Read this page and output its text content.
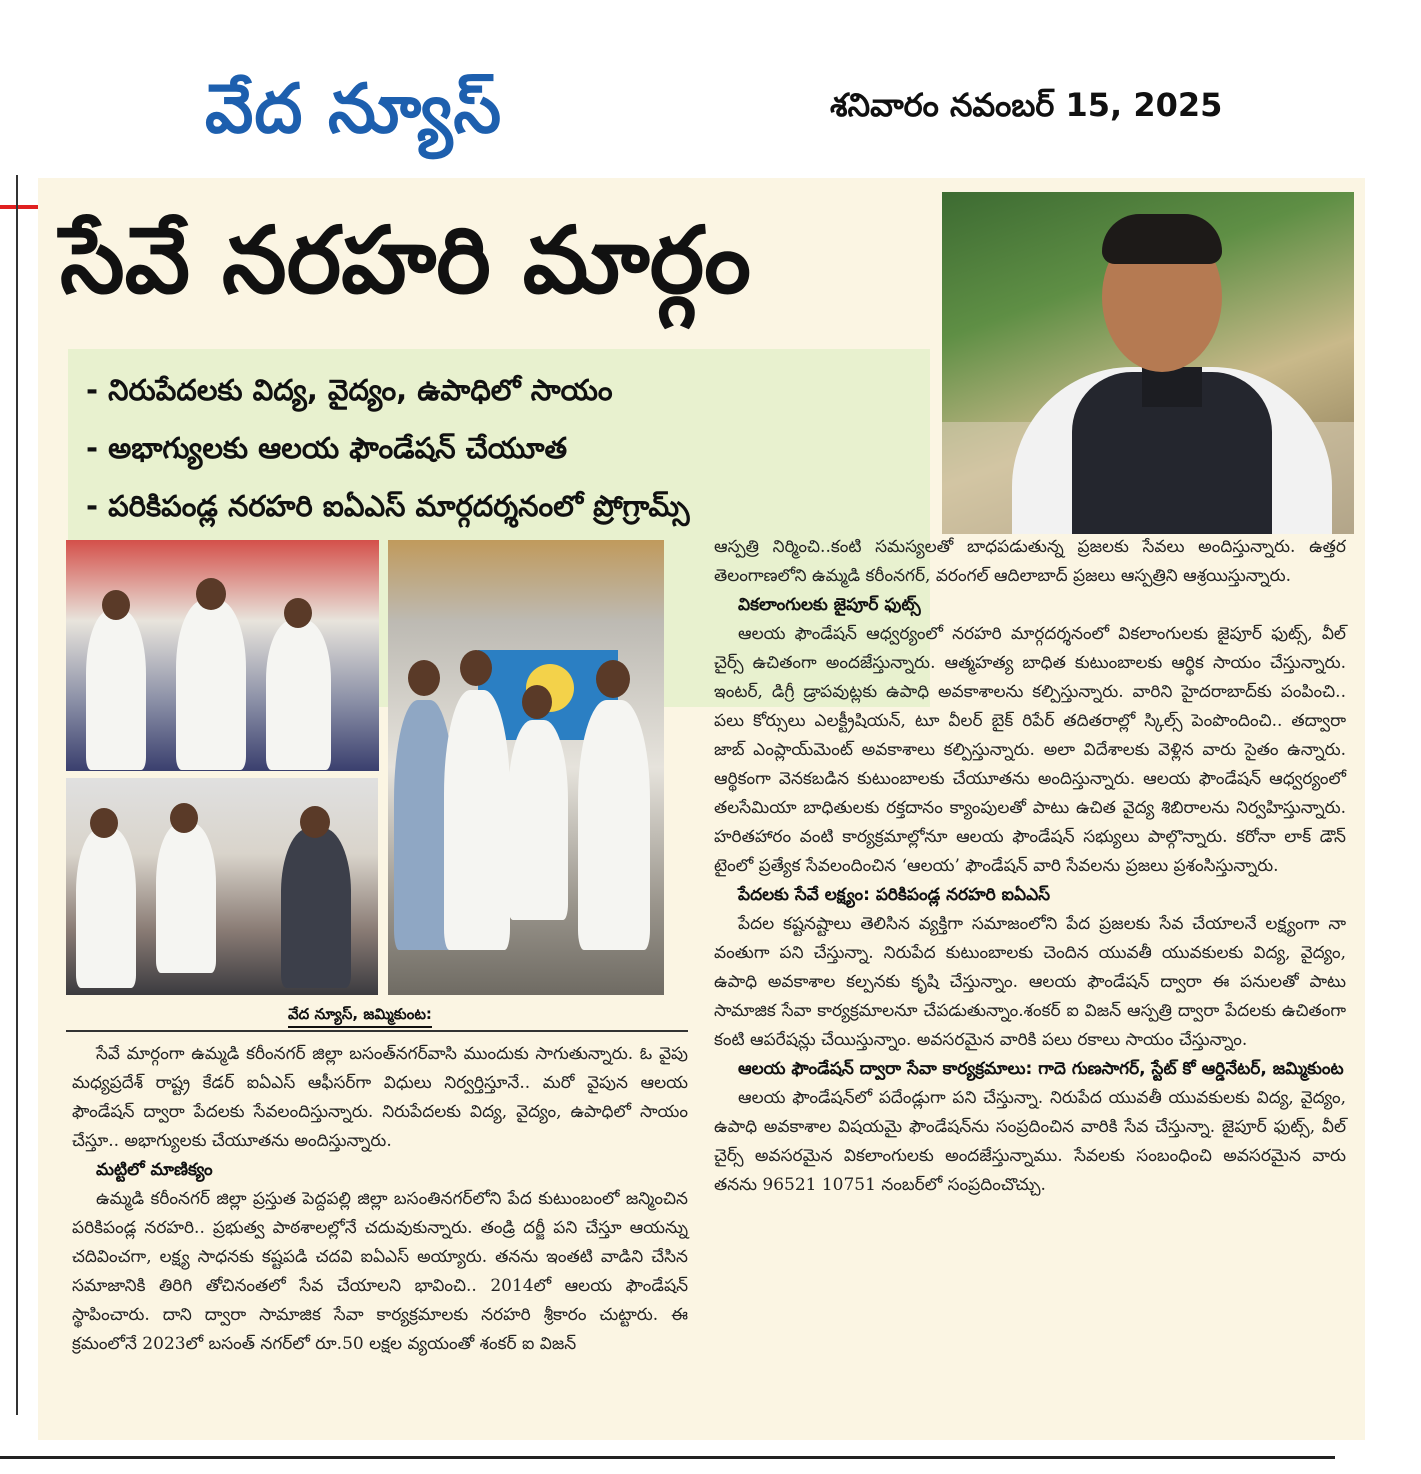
వేద న్యూస్	శనివారం నవంబర్ 15, 2025
సేవే నరహరి మార్గం
- నిరుపేదలకు విద్య, వైద్యం, ఉపాధిలో సాయం
- అభాగ్యులకు ఆలయ ఫౌండేషన్ చేయూత
- పరికిపండ్ల నరహరి ఐఏఎస్ మార్గదర్శనంలో ప్రోగ్రామ్స్
వేద న్యూస్, జమ్మికుంట:

సేవే మార్గంగా ఉమ్మడి కరీంనగర్ జిల్లా బసంత్‌నగర్‌వాసి ముందుకు సాగుతున్నారు. ఓ వైపు మధ్యప్రదేశ్ రాష్ట్ర కేడర్ ఐఏఎస్ ఆఫీసర్‌గా విధులు నిర్వర్తిస్తూనే.. మరో వైపున ఆలయ ఫౌండేషన్ ద్వారా పేదలకు సేవలందిస్తున్నారు. నిరుపేదలకు విద్య, వైద్యం, ఉపాధిలో సాయం చేస్తూ.. అభాగ్యులకు చేయూతను అందిస్తున్నారు.

మట్టిలో మాణిక్యం

ఉమ్మడి కరీంనగర్ జిల్లా ప్రస్తుత పెద్దపల్లి జిల్లా బసంతినగర్‌లోని పేద కుటుంబంలో జన్మించిన పరికిపండ్ల నరహరి.. ప్రభుత్వ పాఠశాలల్లోనే చదువుకున్నారు. తండ్రి దర్జీ పని చేస్తూ ఆయన్ను చదివించగా, లక్ష్య సాధనకు కష్టపడి చదవి ఐఏఎస్ అయ్యారు. తనను ఇంతటి వాడిని చేసిన సమాజానికి తిరిగి తోచినంతలో సేవ చేయాలని భావించి.. 2014లో ఆలయ ఫౌండేషన్ స్థాపించారు. దాని ద్వారా సామాజిక సేవా కార్యక్రమాలకు నరహరి శ్రీకారం చుట్టారు. ఈ క్రమంలోనే 2023లో బసంత్ నగర్‌లో రూ.50 లక్షల వ్యయంతో శంకర్ ఐ విజన్

ఆస్పత్రి నిర్మించి..కంటి సమస్యలతో బాధపడుతున్న ప్రజలకు సేవలు అందిస్తున్నారు. ఉత్తర తెలంగాణలోని ఉమ్మడి కరీంనగర్, వరంగల్ ఆదిలాబాద్ ప్రజలు ఆస్పత్రిని ఆశ్రయిస్తున్నారు.

వికలాంగులకు జైపూర్ ఫుట్స్

ఆలయ ఫౌండేషన్ ఆధ్వర్యంలో నరహరి మార్గదర్శనంలో వికలాంగులకు జైపూర్ ఫుట్స్, వీల్ చైర్స్ ఉచితంగా అందజేస్తున్నారు. ఆత్మహత్య బాధిత కుటుంబాలకు ఆర్థిక సాయం చేస్తున్నారు. ఇంటర్, డిగ్రీ డ్రాపవుట్లకు ఉపాధి అవకాశాలను కల్పిస్తున్నారు. వారిని హైదరాబాద్‌కు పంపించి.. పలు కోర్సులు ఎలక్ట్రీషియన్, టూ వీలర్ బైక్ రిపేర్ తదితరాల్లో స్కిల్స్ పెంపొందించి.. తద్వారా జాబ్ ఎంప్లాయ్‌మెంట్ అవకాశాలు కల్పిస్తున్నారు. అలా విదేశాలకు వెళ్లిన వారు సైతం ఉన్నారు. ఆర్థికంగా వెనకబడిన కుటుంబాలకు చేయూతను అందిస్తున్నారు. ఆలయ ఫౌండేషన్ ఆధ్వర్యంలో తలసేమియా బాధితులకు రక్తదానం క్యాంపులతో పాటు ఉచిత వైద్య శిబిరాలను నిర్వహిస్తున్నారు. హరితహారం వంటి కార్యక్రమాల్లోనూ ఆలయ ఫౌండేషన్ సభ్యులు పాల్గొన్నారు. కరోనా లాక్ డౌన్ టైంలో ప్రత్యేక సేవలందించిన ‘ఆలయ’ ఫౌండేషన్ వారి సేవలను ప్రజలు ప్రశంసిస్తున్నారు.

పేదలకు సేవే లక్ష్యం: పరికిపండ్ల నరహరి ఐఏఎస్

పేదల కష్టనష్టాలు తెలిసిన వ్యక్తిగా సమాజంలోని పేద ప్రజలకు సేవ చేయాలనే లక్ష్యంగా నా వంతుగా పని చేస్తున్నా. నిరుపేద కుటుంబాలకు చెందిన యువతీ యువకులకు విద్య, వైద్యం, ఉపాధి అవకాశాల కల్పనకు కృషి చేస్తున్నాం. ఆలయ ఫౌండేషన్ ద్వారా ఈ పనులతో పాటు సామాజిక సేవా కార్యక్రమాలనూ చేపడుతున్నాం.శంకర్ ఐ విజన్ ఆస్పత్రి ద్వారా పేదలకు ఉచితంగా కంటి ఆపరేషన్లు చేయిస్తున్నాం. అవసరమైన వారికి పలు రకాలు సాయం చేస్తున్నాం.

ఆలయ ఫౌండేషన్ ద్వారా సేవా కార్యక్రమాలు: గాదె గుణసాగర్, స్టేట్ కో ఆర్డినేటర్, జమ్మికుంట

ఆలయ ఫౌండేషన్‌లో పదేండ్లుగా పని చేస్తున్నా. నిరుపేద యువతీ యువకులకు విద్య, వైద్యం, ఉపాధి అవకాశాల విషయమై ఫౌండేషన్‌ను సంప్రదించిన వారికి సేవ చేస్తున్నా. జైపూర్ ఫుట్స్, వీల్ చైర్స్ అవసరమైన వికలాంగులకు అందజేస్తున్నాము. సేవలకు సంబంధించి అవసరమైన వారు తనను 96521 10751 నంబర్‌లో సంప్రదించొచ్చు.
